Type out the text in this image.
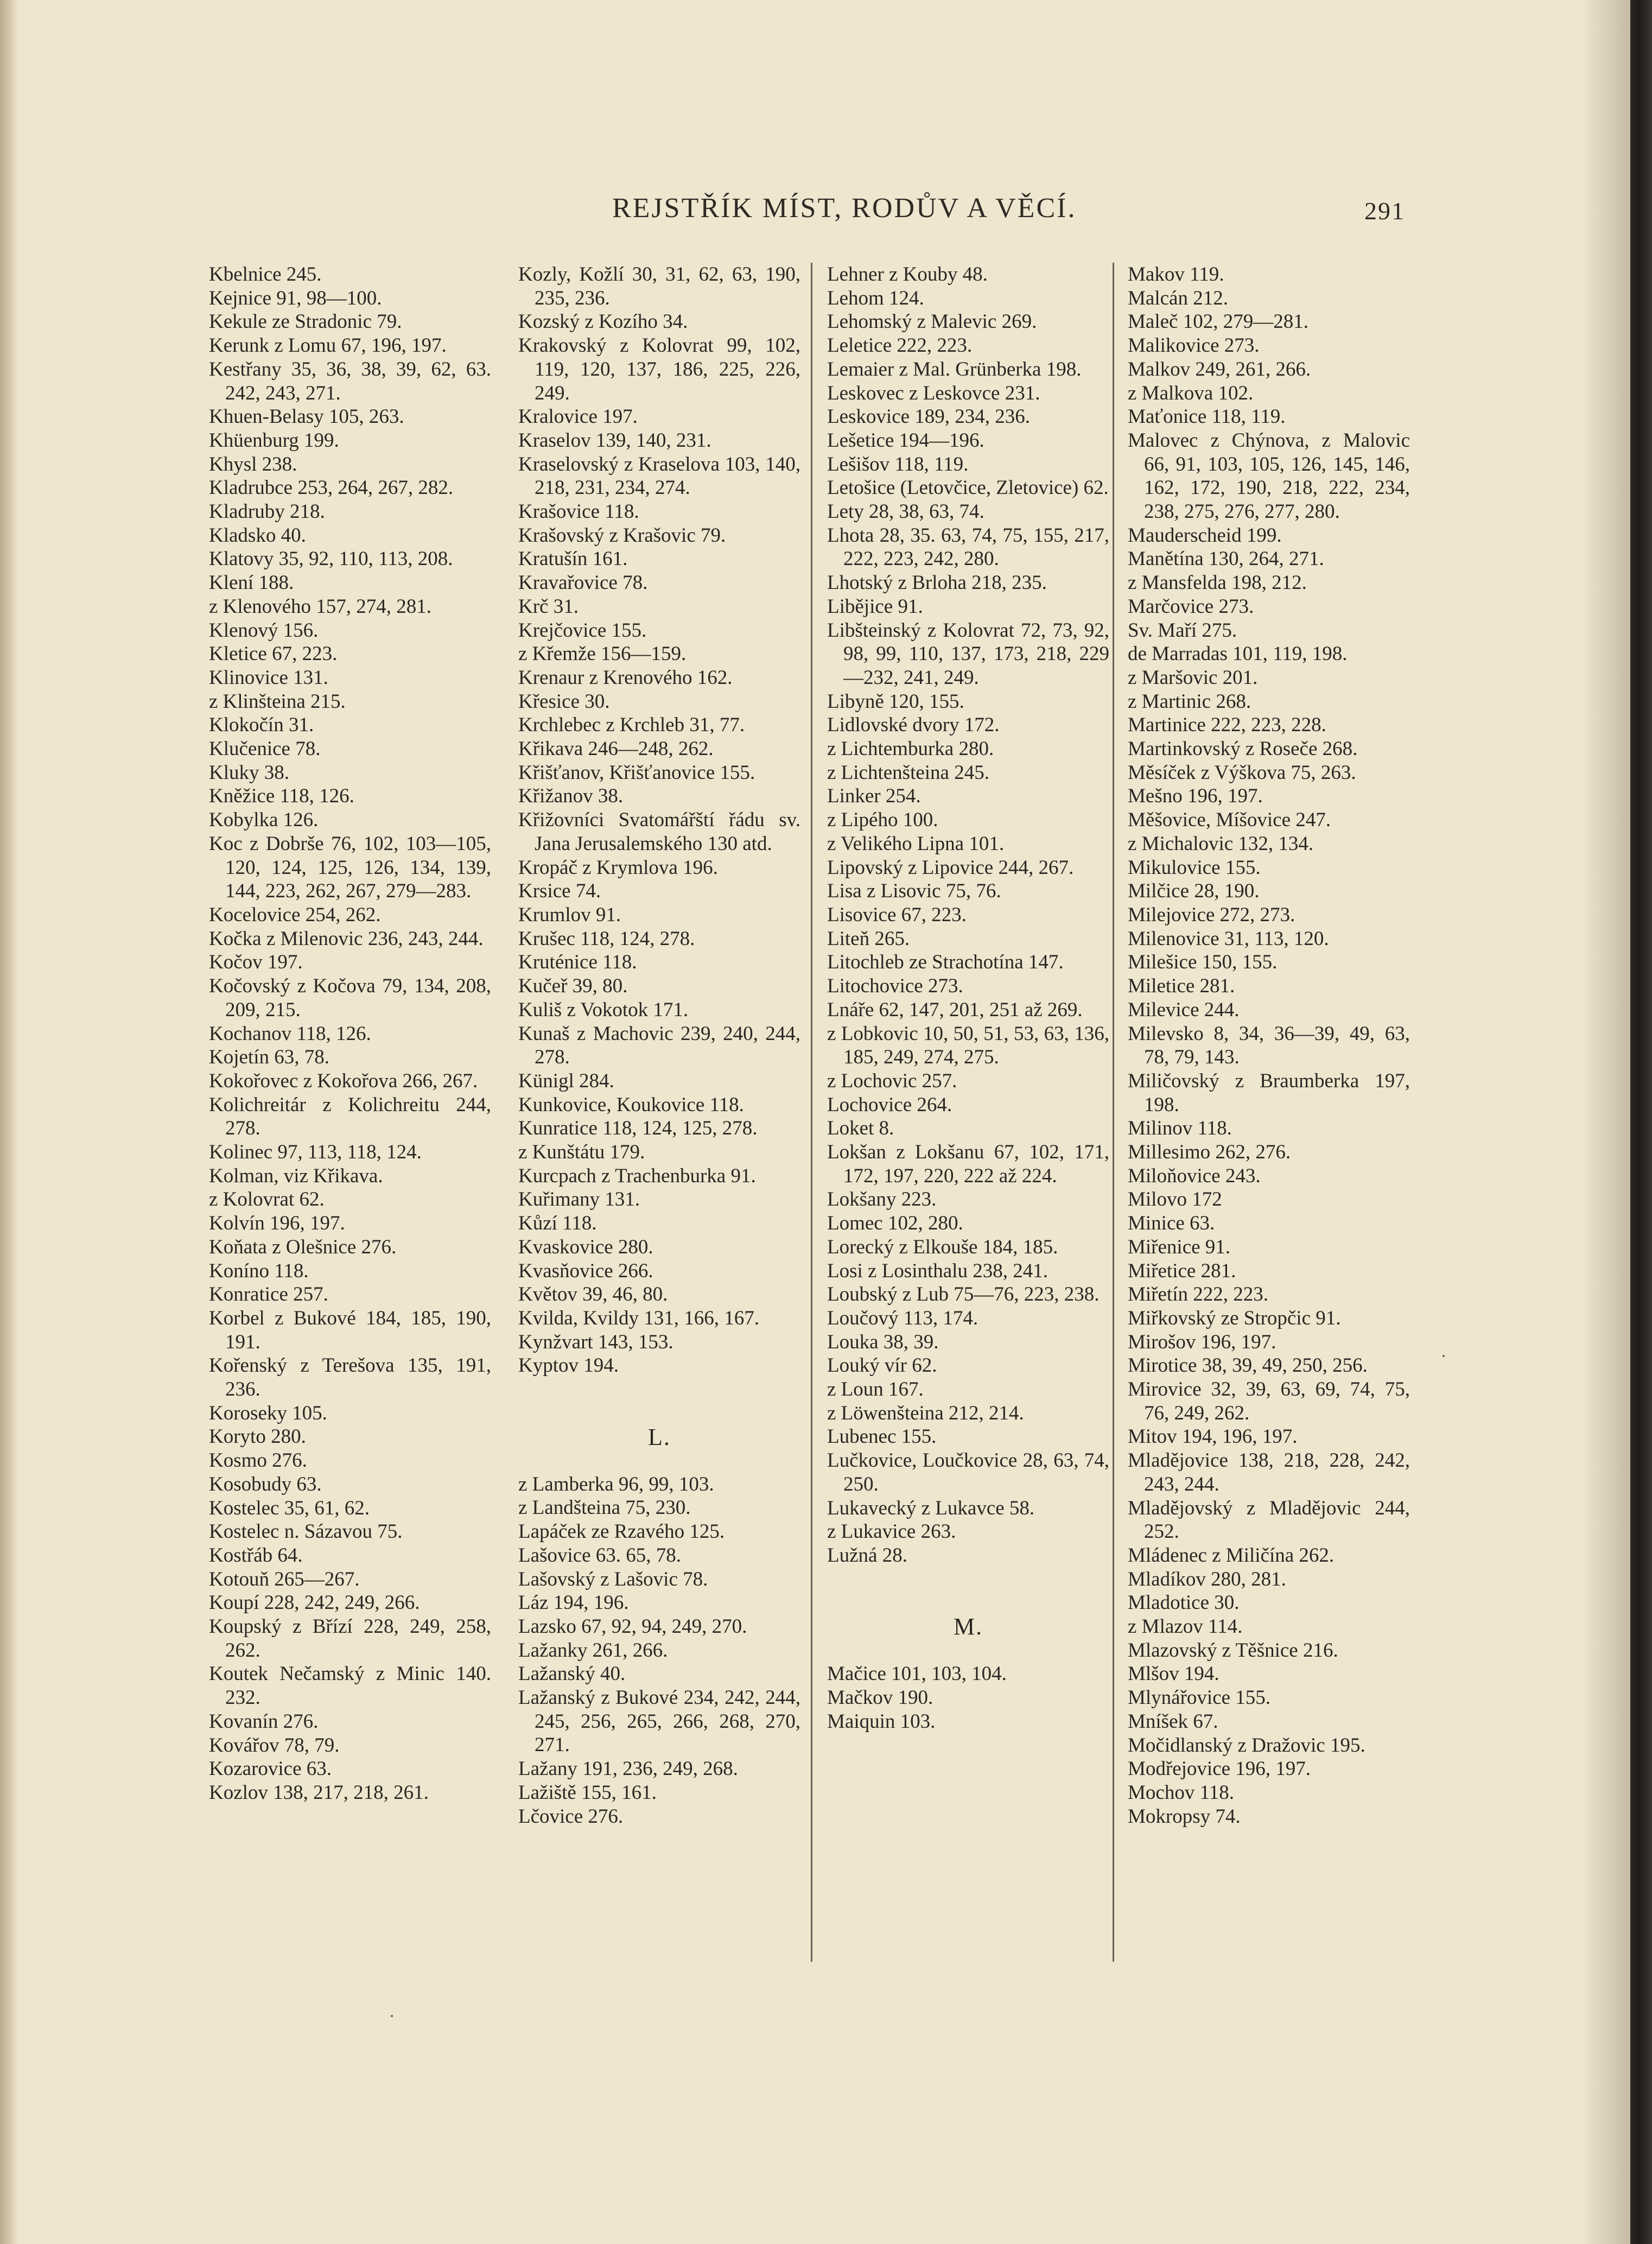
REJSTŘÍK MÍST, RODŮV A VĚCÍ.	291
Kbelnice 245.
Kejnice 91, 98—100.
Kekule ze Stradonic 79.
Kerunk z Lomu 67, 196, 197.
Kestřany 35, 36, 38, 39, 62, 63. 242, 243, 271.
Khuen-Belasy 105, 263.
Khüenburg 199.
Khysl 238.
Kladrubce 253, 264, 267, 282.
Kladruby 218.
Kladsko 40.
Klatovy 35, 92, 110, 113, 208.
Klení 188.
z Klenového 157, 274, 281.
Klenový 156.
Kletice 67, 223.
Klinovice 131.
z Klinšteina 215.
Klokočín 31.
Klučenice 78.
Kluky 38.
Kněžice 118, 126.
Kobylka 126.
Koc z Dobrše 76, 102, 103—105, 120, 124, 125, 126, 134, 139, 144, 223, 262, 267, 279—283.
Kocelovice 254, 262.
Kočka z Milenovic 236, 243, 244.
Kočov 197.
Kočovský z Kočova 79, 134, 208, 209, 215.
Kochanov 118, 126.
Kojetín 63, 78.
Kokořovec z Kokořova 266, 267.
Kolichreitár z Kolichreitu 244, 278.
Kolinec 97, 113, 118, 124.
Kolman, viz Křikava.
z Kolovrat 62.
Kolvín 196, 197.
Koňata z Olešnice 276.
Koníno 118.
Konratice 257.
Korbel z Bukové 184, 185, 190, 191.
Kořenský z Terešova 135, 191, 236.
Koroseky 105.
Koryto 280.
Kosmo 276.
Kosobudy 63.
Kostelec 35, 61, 62.
Kostelec n. Sázavou 75.
Kostřáb 64.
Kotouň 265—267.
Koupí 228, 242, 249, 266.
Koupský z Břízí 228, 249, 258, 262.
Koutek Nečamský z Minic 140. 232.
Kovanín 276.
Kovářov 78, 79.
Kozarovice 63.
Kozlov 138, 217, 218, 261.
Kozly, Kožlí 30, 31, 62, 63, 190, 235, 236.
Kozský z Kozího 34.
Krakovský z Kolovrat 99, 102, 119, 120, 137, 186, 225, 226, 249.
Kralovice 197.
Kraselov 139, 140, 231.
Kraselovský z Kraselova 103, 140, 218, 231, 234, 274.
Krašovice 118.
Krašovský z Krašovic 79.
Kratušín 161.
Kravařovice 78.
Krč 31.
Krejčovice 155.
z Křemže 156—159.
Krenaur z Krenového 162.
Křesice 30.
Krchlebec z Krchleb 31, 77.
Křikava 246—248, 262.
Křišťanov, Křišťanovice 155.
Křižanov 38.
Křižovníci Svatomářští řádu sv. Jana Jerusalemského 130 atd.
Kropáč z Krymlova 196.
Krsice 74.
Krumlov 91.
Krušec 118, 124, 278.
Kruténice 118.
Kučeř 39, 80.
Kuliš z Vokotok 171.
Kunaš z Machovic 239, 240, 244, 278.
Künigl 284.
Kunkovice, Koukovice 118.
Kunratice 118, 124, 125, 278.
z Kunštátu 179.
Kurcpach z Trachenburka 91.
Kuřimany 131.
Kůzí 118.
Kvaskovice 280.
Kvasňovice 266.
Květov 39, 46, 80.
Kvilda, Kvildy 131, 166, 167.
Kynžvart 143, 153.
Kyptov 194.
L.
z Lamberka 96, 99, 103.
z Landšteina 75, 230.
Lapáček ze Rzavého 125.
Lašovice 63. 65, 78.
Lašovský z Lašovic 78.
Láz 194, 196.
Lazsko 67, 92, 94, 249, 270.
Lažanky 261, 266.
Lažanský 40.
Lažanský z Bukové 234, 242, 244, 245, 256, 265, 266, 268, 270, 271.
Lažany 191, 236, 249, 268.
Lažiště 155, 161.
Lčovice 276.
Lehner z Kouby 48.
Lehom 124.
Lehomský z Malevic 269.
Leletice 222, 223.
Lemaier z Mal. Grünberka 198.
Leskovec z Leskovce 231.
Leskovice 189, 234, 236.
Lešetice 194—196.
Lešišov 118, 119.
Letošice (Letovčice, Zletovice) 62.
Lety 28, 38, 63, 74.
Lhota 28, 35. 63, 74, 75, 155, 217, 222, 223, 242, 280.
Lhotský z Brloha 218, 235.
Liběјice 91.
Libšteinský z Kolovrat 72, 73, 92, 98, 99, 110, 137, 173, 218, 229—232, 241, 249.
Libyně 120, 155.
Lidlovské dvory 172.
z Lichtemburka 280.
z Lichtenšteina 245.
Linker 254.
z Lipého 100.
z Velikého Lipna 101.
Lipovský z Lipovice 244, 267.
Lisa z Lisovic 75, 76.
Lisovice 67, 223.
Liteň 265.
Litochleb ze Strachotína 147.
Litochovice 273.
Lnáře 62, 147, 201, 251 až 269.
z Lobkovic 10, 50, 51, 53, 63, 136, 185, 249, 274, 275.
z Lochovic 257.
Lochovice 264.
Loket 8.
Lokšan z Lokšanu 67, 102, 171, 172, 197, 220, 222 až 224.
Lokšany 223.
Lomec 102, 280.
Lorecký z Elkouše 184, 185.
Losi z Losinthalu 238, 241.
Loubský z Lub 75—76, 223, 238.
Loučový 113, 174.
Louka 38, 39.
Louký vír 62.
z Loun 167.
z Löwenšteina 212, 214.
Lubenec 155.
Lučkovice, Loučkovice 28, 63, 74, 250.
Lukavecký z Lukavce 58.
z Lukavice 263.
Lužná 28.
M.
Mačice 101, 103, 104.
Mačkov 190.
Maiquin 103.
Makov 119.
Malcán 212.
Maleč 102, 279—281.
Malikovice 273.
Malkov 249, 261, 266.
z Malkova 102.
Maťonice 118, 119.
Malovec z Chýnova, z Malovic 66, 91, 103, 105, 126, 145, 146, 162, 172, 190, 218, 222, 234, 238, 275, 276, 277, 280.
Mauderscheid 199.
Manětína 130, 264, 271.
z Mansfelda 198, 212.
Marčovice 273.
Sv. Maří 275.
de Marradas 101, 119, 198.
z Maršovic 201.
z Martinic 268.
Martinice 222, 223, 228.
Martinkovský z Roseče 268.
Měsíček z Výškova 75, 263.
Mešno 196, 197.
Měšovice, Míšovice 247.
z Michalovic 132, 134.
Mikulovice 155.
Milčice 28, 190.
Milejovice 272, 273.
Milenovice 31, 113, 120.
Milešice 150, 155.
Miletice 281.
Milevice 244.
Milevsko 8, 34, 36—39, 49, 63, 78, 79, 143.
Miličovský z Braumberka 197, 198.
Milinov 118.
Millesimo 262, 276.
Miloňovice 243.
Milovo 172
Minice 63.
Miřenice 91.
Miřetice 281.
Miřetín 222, 223.
Miřkovský ze Stropčic 91.
Mirošov 196, 197.
Mirotice 38, 39, 49, 250, 256.
Mirovice 32, 39, 63, 69, 74, 75, 76, 249, 262.
Mitov 194, 196, 197.
Mladějovice 138, 218, 228, 242, 243, 244.
Mladějovský z Mladějovic 244, 252.
Mládenec z Miličína 262.
Mladíkov 280, 281.
Mladotice 30.
z Mlazov 114.
Mlazovský z Těšnice 216.
Mlšov 194.
Mlynářovice 155.
Mníšek 67.
Močidlanský z Dražovic 195.
Modřejovice 196, 197.
Mochov 118.
Mokropsy 74.
